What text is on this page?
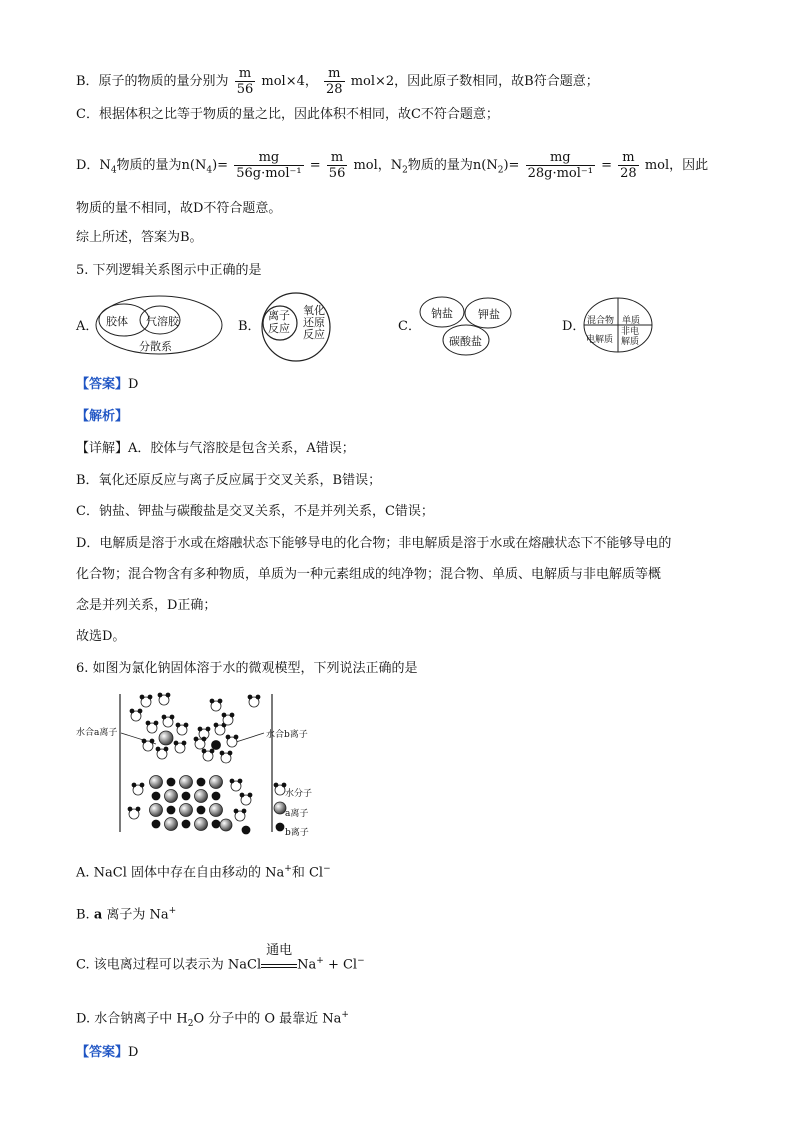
B．原子的物质的量分别为 $\frac{m}{56} mol\times 4$， $\frac{m}{28} mol\times 2$，因此原子数相同，故B符合题意；
C．根据体积之比等于物质的量之比，因此体积不相同，故C不符合题意；
D．$N_4$物质的量为$n(N_4)=$
mg
56g·mol⁻¹
= $\frac{m}{56}$ mol，$N_2$物质的量为$n(N_2)=$
mg
28g·mol⁻¹
= $\frac{m}{28}$ mol，因此
物质的量不相同，故D不符合题意。
综上所述，答案为B。
5. 下列逻辑关系图示中正确的是
A． 胶体 气溶胶
分散系
B．
离子反应
氧化还原反应
C．
钠盐 钾盐
碳酸盐
D． 混合物 单质
电解质
非电解质
【答案】D
【解析】
【详解】A．胶体与气溶胶是包含关系，A错误；
B．氧化还原反应与离子反应属于交叉关系，B错误；
C．钠盐、钾盐与碳酸盐是交叉关系，不是并列关系，C错误；
D．电解质是溶于水或在熔融状态下能够导电的化合物；非电解质是溶于水或在熔融状态下不能够导电的
化合物；混合物含有多种物质，单质为一种元素组成的纯净物；混合物、单质、电解质与非电解质等概
念是并列关系，D正确；
故选D。
6. 如图为氯化钠固体溶于水的微观模型，下列说法正确的是
水合a离子	水合b离子
水分子
a离子
b离子
A. NaCl 固体中存在自由移动的 Na+和 Cl−
B. a 离子为 Na+
C. 该电离过程可以表示为 NaCl
通电
Na+ + Cl−
D. 水合钠离子中 $H_2O$ 分子中的 O 最靠近 Na+
【答案】D
